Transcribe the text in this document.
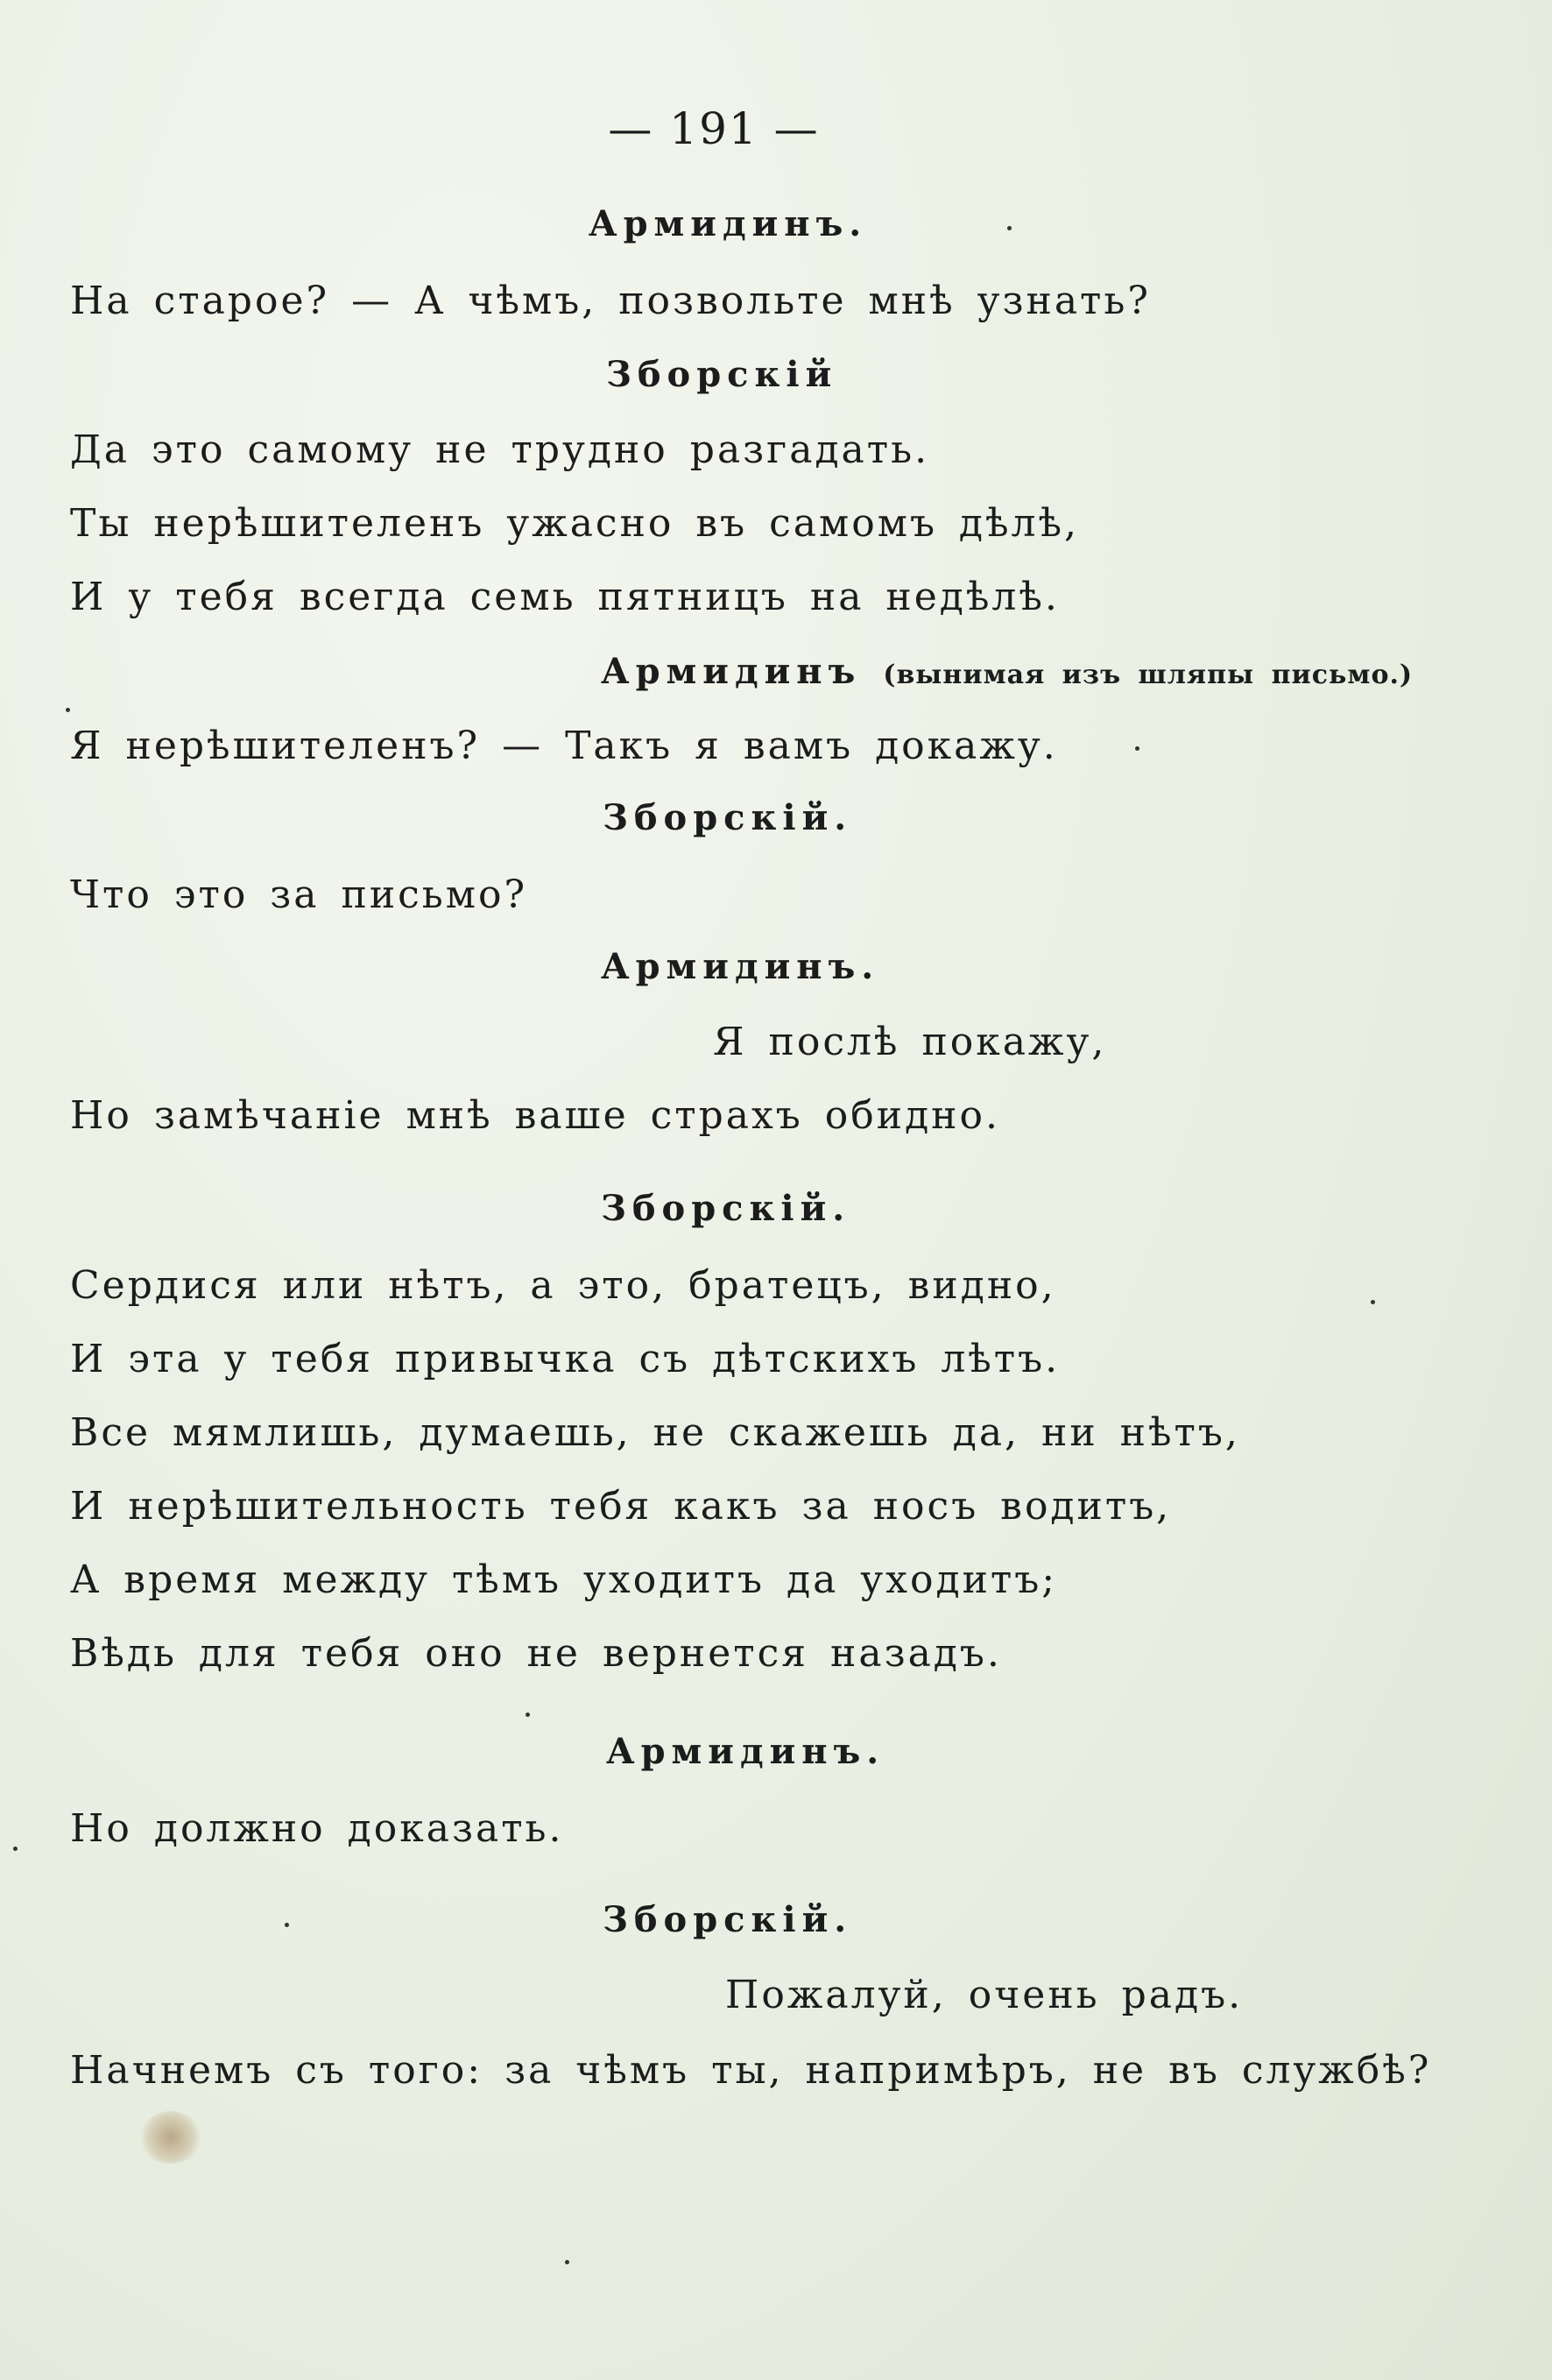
— 191 —
Армидинъ.
На старое? — А чѣмъ, позвольте мнѣ узнать?
Зборскій
Да это самому не трудно разгадать.
Ты нерѣшителенъ ужасно въ самомъ дѣлѣ,
И у тебя всегда семь пятницъ на недѣлѣ.
Армидинъ (вынимая изъ шляпы письмо.)
Я нерѣшителенъ? — Такъ я вамъ докажу.
Зборскій.
Что это за письмо?
Армидинъ.
Я послѣ покажу,
Но замѣчаніе мнѣ ваше страхъ обидно.
Зборскій.
Сердися или нѣтъ, а это, братецъ, видно,
И эта у тебя привычка съ дѣтскихъ лѣтъ.
Все мямлишь, думаешь, не скажешь да, ни нѣтъ,
И нерѣшительность тебя какъ за носъ водитъ,
А время между тѣмъ уходитъ да уходитъ;
Вѣдь для тебя оно не вернется назадъ.
Армидинъ.
Но должно доказать.
Зборскій.
Пожалуй, очень радъ.
Начнемъ съ того: за чѣмъ ты, напримѣръ, не въ службѣ?
